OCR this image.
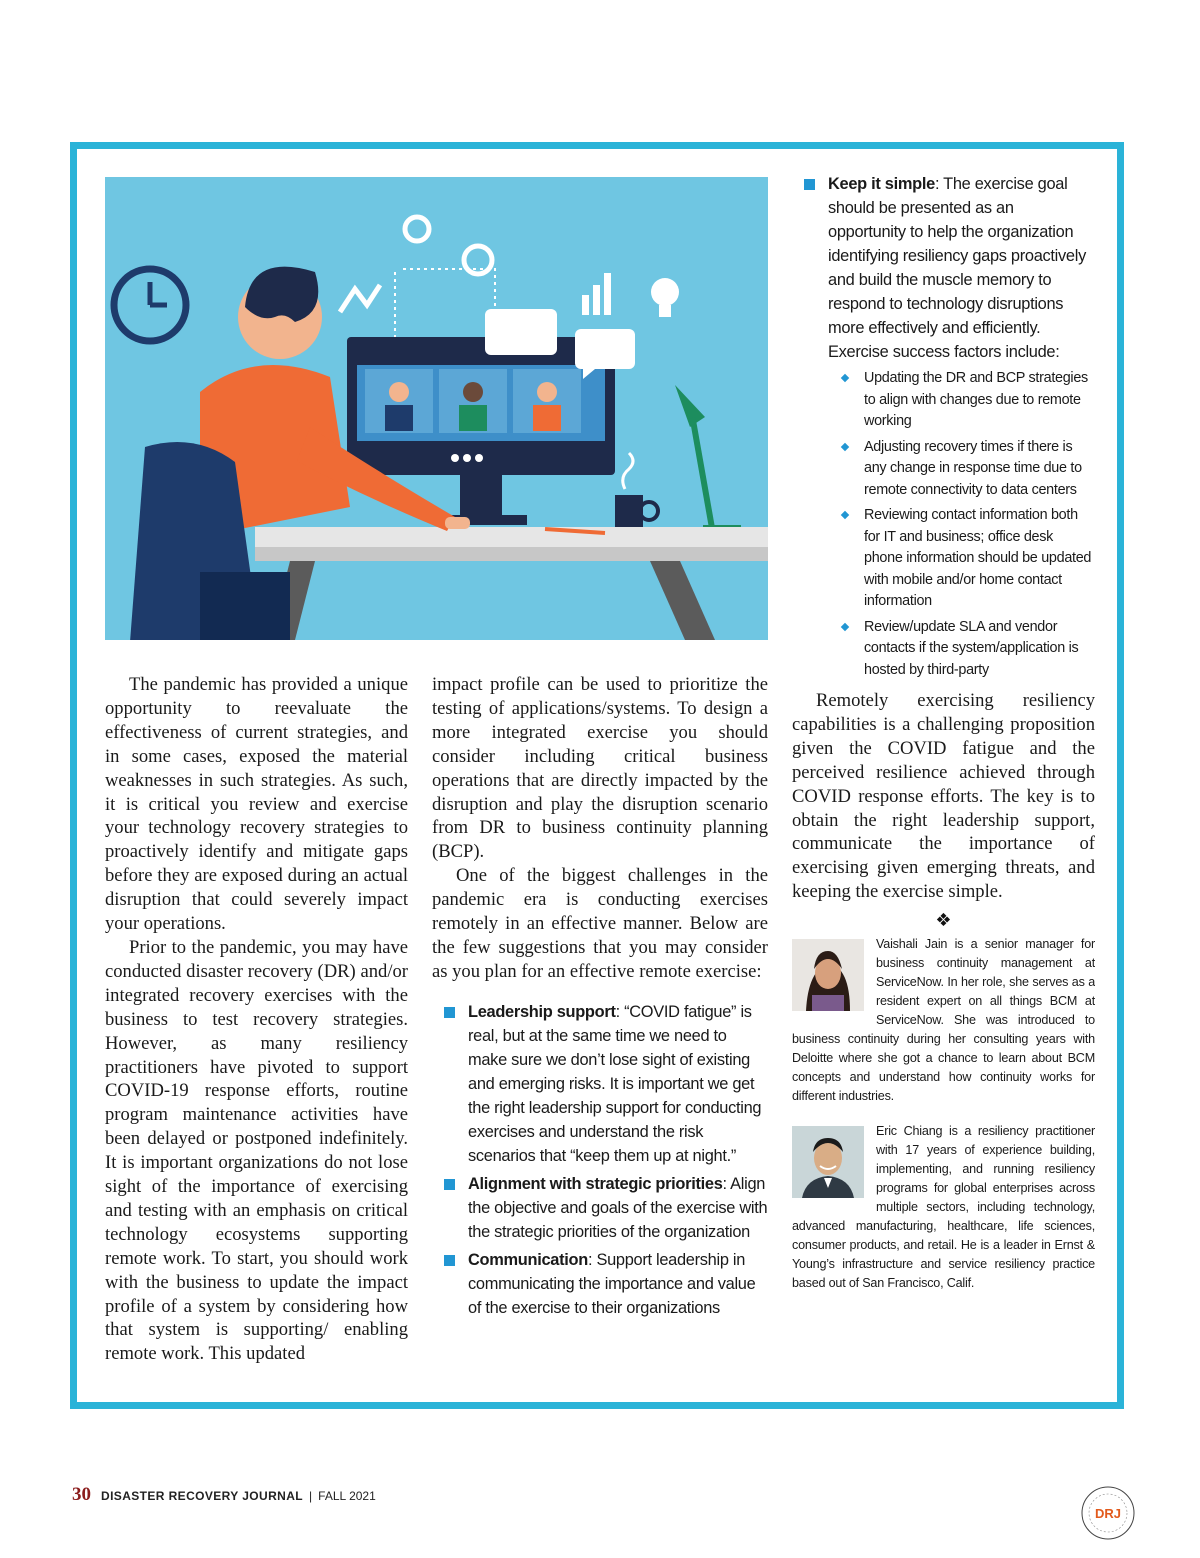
The pandemic has provided a unique opportunity to reevaluate the effectiveness of current strategies, and in some cases, exposed the material weaknesses in such strategies. As such, it is critical you review and exercise your technology recovery strategies to proactively identify and mitigate gaps before they are exposed during an actual disruption that could severely impact your operations.

Prior to the pandemic, you may have conducted disaster recovery (DR) and/or integrated recovery exercises with the business to test recovery strategies. However, as many resiliency practitioners have pivoted to support COVID-19 response efforts, routine program maintenance activities have been delayed or postponed indefinitely. It is important organizations do not lose sight of the importance of exercising and testing with an emphasis on critical technology ecosystems supporting remote work. To start, you should work with the business to update the impact profile of a system by considering how that system is supporting/ enabling remote work. This updated

impact profile can be used to prioritize the testing of applications/systems. To design a more integrated exercise you should consider including critical business operations that are directly impacted by the disruption and play the disruption scenario from DR to business continuity planning (BCP).

One of the biggest challenges in the pandemic era is conducting exercises remotely in an effective manner. Below are the few suggestions that you may consider as you plan for an effective remote exercise:

Leadership support: “COVID fatigue” is real, but at the same time we need to make sure we don’t lose sight of existing and emerging risks. It is important we get the right leadership support for conducting exercises and understand the risk scenarios that “keep them up at night.”
Alignment with strategic priorities: Align the objective and goals of the exercise with the strategic priorities of the organization
Communication: Support leadership in communicating the importance and value of the exercise to their organizations
Keep it simple: The exercise goal should be presented as an opportunity to help the organization identifying resiliency gaps proactively and build the muscle memory to respond to technology disruptions more effectively and efficiently. Exercise success factors include:
Updating the DR and BCP strategies to align with changes due to remote working
Adjusting recovery times if there is any change in response time due to remote connectivity to data centers
Reviewing contact information both for IT and business; office desk phone information should be updated with mobile and/or home contact information
Review/update SLA and vendor contacts if the system/application is hosted by third-party

Remotely exercising resiliency capabilities is a challenging proposition given the COVID fatigue and the perceived resilience achieved through COVID response efforts. The key is to obtain the right leadership support, communicate the importance of exercising given emerging threats, and keeping the exercise simple.

❖

Vaishali Jain is a senior manager for business continuity management at ServiceNow. In her role, she serves as a resident expert on all things BCM at ServiceNow. She was introduced to business continuity during her consulting years with Deloitte where she got a chance to learn about BCM concepts and understand how continuity works for different industries.

Eric Chiang is a resiliency practitioner with 17 years of experience building, implementing, and running resiliency programs for global enterprises across multiple sectors, including technology, advanced manufacturing, healthcare, life sciences, consumer products, and retail. He is a leader in Ernst & Young’s infrastructure and service resiliency practice based out of San Francisco, Calif.

30 DISASTER RECOVERY JOURNAL | FALL 2021
DRJ
